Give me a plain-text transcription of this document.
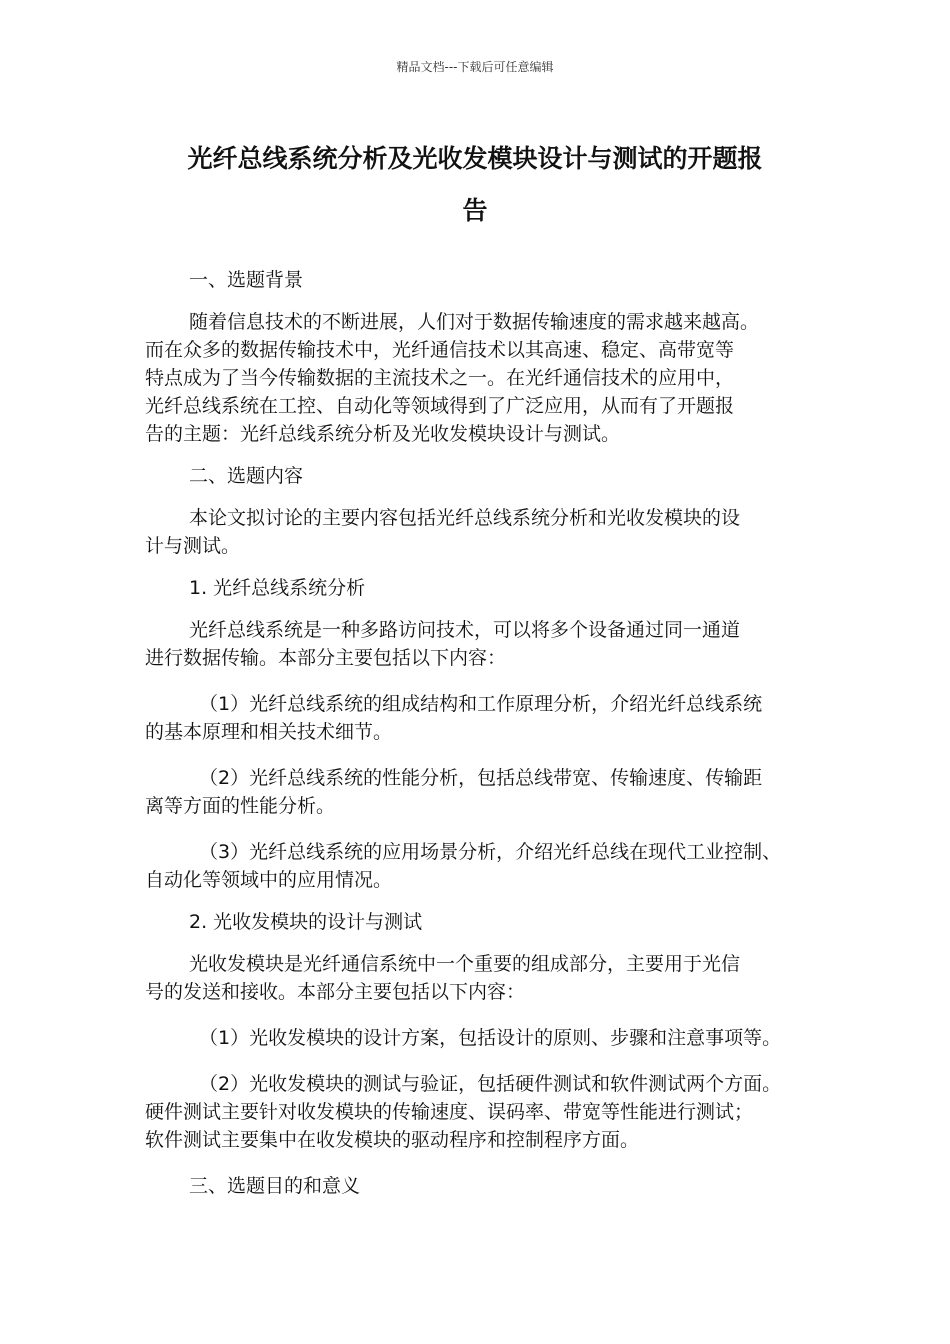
精品文档---下载后可任意编辑
光纤总线系统分析及光收发模块设计与测试的开题报
告

一、选题背景

随着信息技术的不断进展，人们对于数据传输速度的需求越来越高。
而在众多的数据传输技术中，光纤通信技术以其高速、稳定、高带宽等
特点成为了当今传输数据的主流技术之一。在光纤通信技术的应用中，
光纤总线系统在工控、自动化等领域得到了广泛应用，从而有了开题报
告的主题：光纤总线系统分析及光收发模块设计与测试。

二、选题内容

本论文拟讨论的主要内容包括光纤总线系统分析和光收发模块的设
计与测试。

1. 光纤总线系统分析

光纤总线系统是一种多路访问技术，可以将多个设备通过同一通道
进行数据传输。本部分主要包括以下内容：

（1）光纤总线系统的组成结构和工作原理分析，介绍光纤总线系统
的基本原理和相关技术细节。

（2）光纤总线系统的性能分析，包括总线带宽、传输速度、传输距
离等方面的性能分析。

（3）光纤总线系统的应用场景分析，介绍光纤总线在现代工业控制、
自动化等领域中的应用情况。

2. 光收发模块的设计与测试

光收发模块是光纤通信系统中一个重要的组成部分，主要用于光信
号的发送和接收。本部分主要包括以下内容：

（1）光收发模块的设计方案，包括设计的原则、步骤和注意事项等。

（2）光收发模块的测试与验证，包括硬件测试和软件测试两个方面。
硬件测试主要针对收发模块的传输速度、误码率、带宽等性能进行测试；
软件测试主要集中在收发模块的驱动程序和控制程序方面。

三、选题目的和意义
